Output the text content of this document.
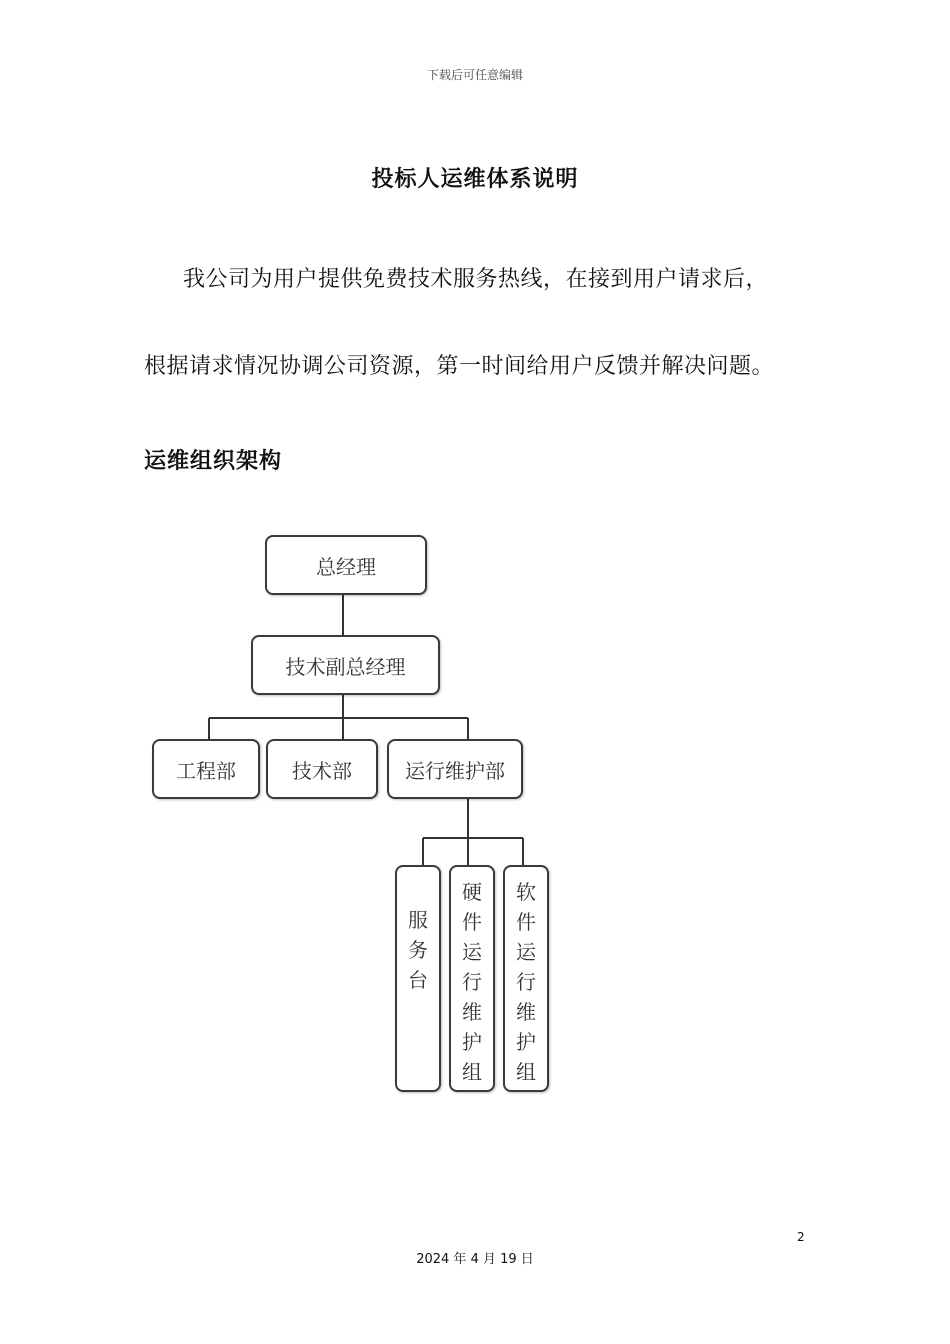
下载后可任意编辑
投标人运维体系说明
我公司为用户提供免费技术服务热线，在接到用户请求后，
根据请求情况协调公司资源，第一时间给用户反馈并解决问题。
运维组织架构
总经理
技术副总经理
工程部	技术部	运行维护部
服务台
硬件运行维护组
软件运行维护组
2
2024 年 4 月 19 日
